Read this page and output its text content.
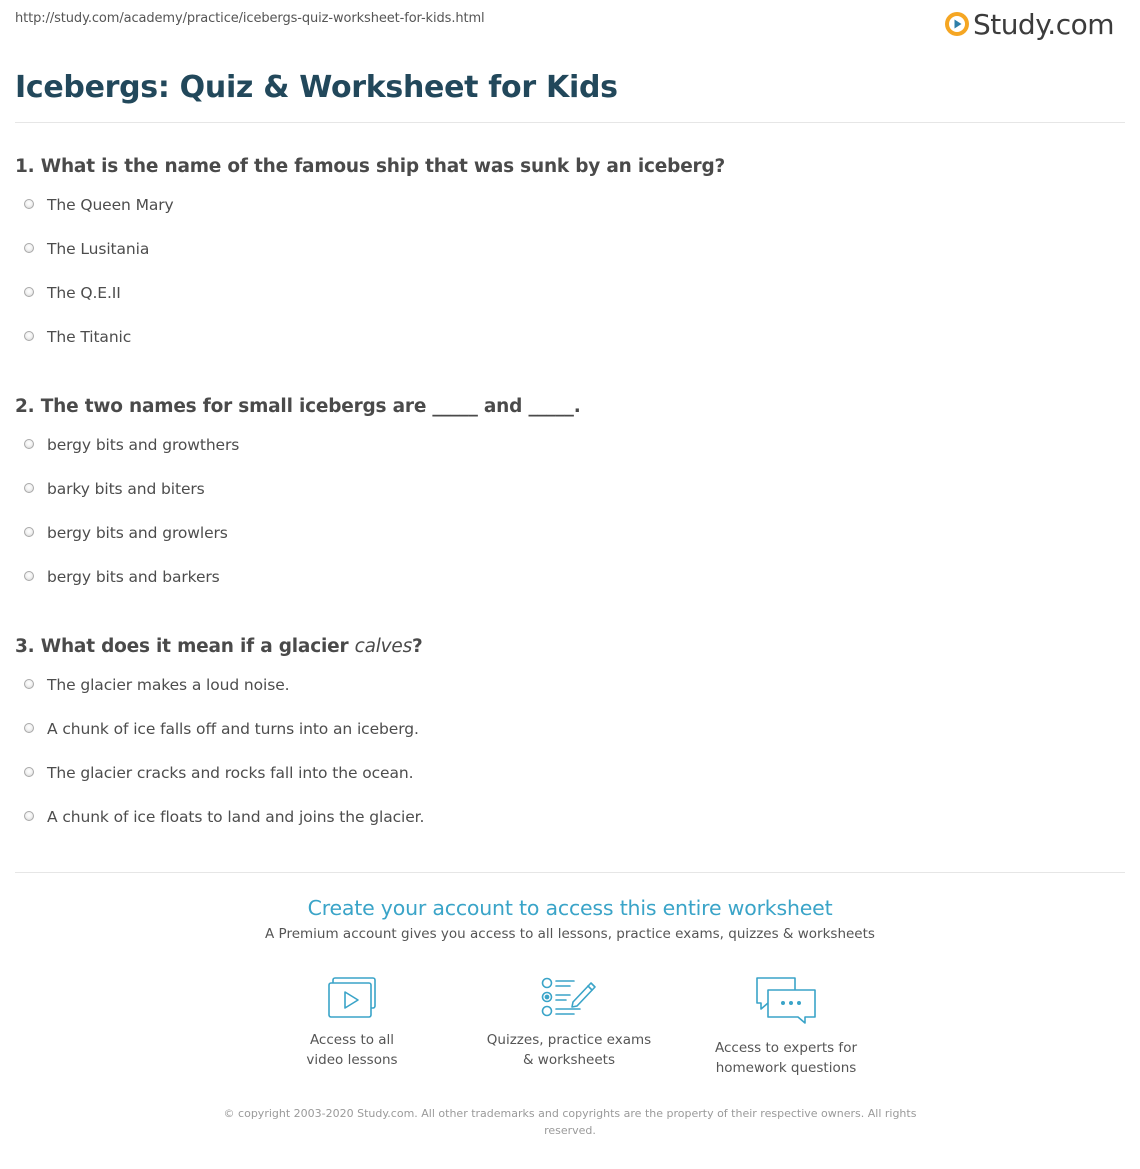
http://study.com/academy/practice/icebergs-quiz-worksheet-for-kids.html	Study.com
Icebergs: Quiz & Worksheet for Kids
1. What is the name of the famous ship that was sunk by an iceberg?
The Queen Mary
The Lusitania
The Q.E.II
The Titanic
2. The two names for small icebergs are _____ and _____.
bergy bits and growthers
barky bits and biters
bergy bits and growlers
bergy bits and barkers
3. What does it mean if a glacier calves?
The glacier makes a loud noise.
A chunk of ice falls off and turns into an iceberg.
The glacier cracks and rocks fall into the ocean.
A chunk of ice floats to land and joins the glacier.
Create your account to access this entire worksheet
A Premium account gives you access to all lessons, practice exams, quizzes & worksheets
Access to all
video lessons
Quizzes, practice exams
& worksheets
Access to experts for
homework questions
© copyright 2003-2020 Study.com. All other trademarks and copyrights are the property of their respective owners. All rights
reserved.
